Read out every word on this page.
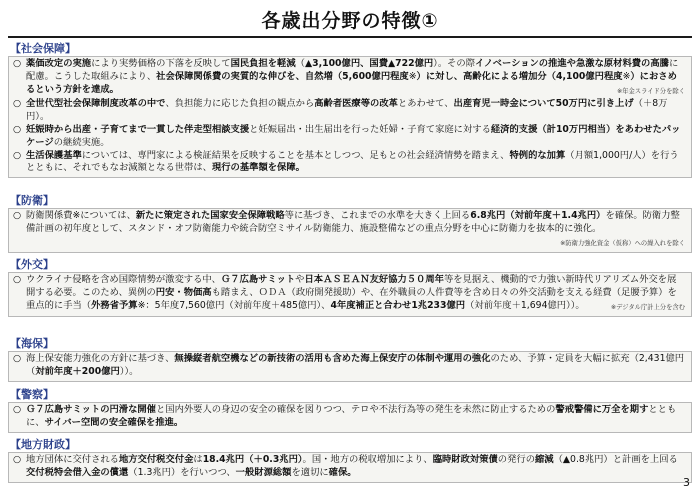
各歳出分野の特徴①
【社会保障】
○ 薬価改定の実施により実勢価格の下落を反映して国民負担を軽減（▲3,100億円、国費▲722億円）。その際イノベーションの推進や急激な原材料費の高騰に配慮。こうした取組みにより、社会保障関係費の実質的な伸びを、自然増（5,600億円程度※）に対し、高齢化による増加分（4,100億円程度※）におさめるという方針を達成。	※年金スライド分を除く
○ 全世代型社会保障制度改革の中で、負担能力に応じた負担の観点から高齢者医療等の改革とあわせて、出産育児一時金について50万円に引き上げ（＋8万円）。
○ 妊娠時から出産・子育てまで一貫した伴走型相談支援と妊娠届出・出生届出を行った妊婦・子育て家庭に対する経済的支援（計10万円相当）をあわせたパッケージの継続実施。
○ 生活保護基準については、専門家による検証結果を反映することを基本としつつ、足もとの社会経済情勢を踏まえ、特例的な加算（月額1,000円/人）を行うとともに、それでもなお減額となる世帯は、現行の基準額を保障。
【防衛】
○ 防衛関係費※については、新たに策定された国家安全保障戦略等に基づき、これまでの水準を大きく上回る6.8兆円（対前年度＋1.4兆円）を確保。防衛力整備計画の初年度として、スタンド・オフ防衛能力や統合防空ミサイル防衛能力、施設整備などの重点分野を中心に防衛力を抜本的に強化。
※防衛力強化資金（仮称）への繰入れを除く
【外交】
○ ウクライナ侵略を含め国際情勢が激変する中、Ｇ７広島サミットや日本ＡＳＥＡＮ友好協力５０周年等を見据え、機動的で力強い新時代リアリズム外交を展開する必要。このため、異例の円安・物価高も踏まえ、ＯＤＡ（政府開発援助）や、在外職員の人件費等を含め日々の外交活動を支える経費（足腰予算）を重点的に手当（外務省予算※：5年度7,560億円（対前年度＋485億円）、4年度補正と合わせ1兆233億円（対前年度＋1,694億円））。	※デジタル庁計上分を含む
【海保】
○ 海上保安能力強化の方針に基づき、無操縦者航空機などの新技術の活用も含めた海上保安庁の体制や運用の強化のため、予算・定員を大幅に拡充（2,431億円（対前年度＋200億円））。
【警察】
○ Ｇ７広島サミットの円滑な開催と国内外要人の身辺の安全の確保を図りつつ、テロや不法行為等の発生を未然に防止するための警戒警備に万全を期すとともに、サイバー空間の安全確保を推進。
【地方財政】
○ 地方団体に交付される地方交付税交付金は18.4兆円（＋0.3兆円）。国・地方の税収増加により、臨時財政対策債の発行の縮減（▲0.8兆円）と計画を上回る交付税特会借入金の償還（1.3兆円）を行いつつ、一般財源総額を適切に確保。
3
